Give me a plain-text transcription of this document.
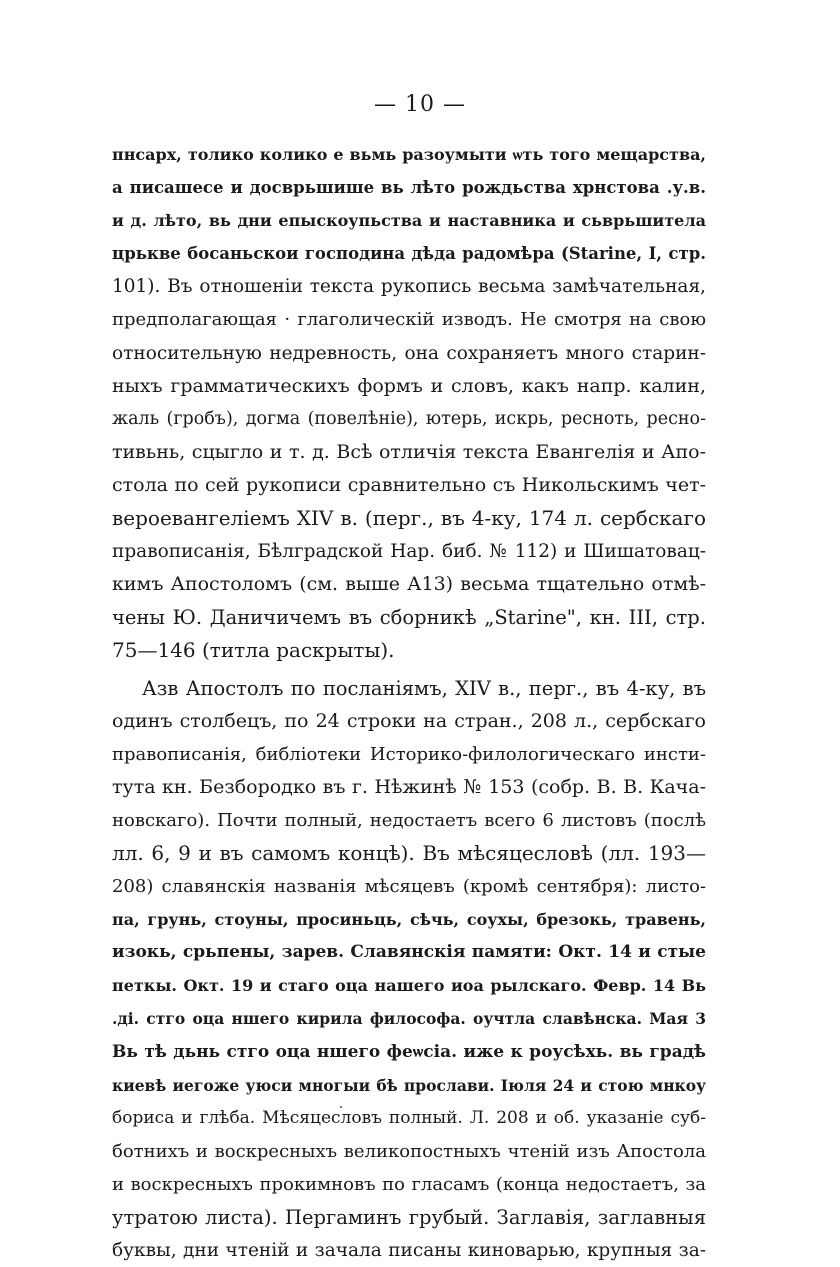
— 10 —
пнсарх, толико колико е вьмь разоумыти ѡть того мещарства,
а писашесе и досврьшише вь лѣто рождьства хрнстова .у.в.
и д. лѣто, вь дни епыскоупьства и наставника и сьврьшитела
црькве босаньскои господина дѣда радомѣра (Starine, I, стр.
101). Въ отношеніи текста рукопись весьма замѣчательная,
предполагающая · глаголическій изводъ. Не смотря на свою
относительную недревность, она сохраняетъ много старин-
ныхъ грамматическихъ формъ и словъ, какъ напр. калин,
жаль (гробъ), догма (повелѣніе), ютерь, искрь, ресноть, ресно-
тивьнь, сцыгло и т. д. Всѣ отличія текста Евангелія и Апо-
стола по сей рукописи сравнительно съ Никольскимъ чет-
вероевангеліемъ XIV в. (перг., въ 4-ку, 174 л. сербскаго
правописанія, Бѣлградской Нар. биб. № 112) и Шишатовац-
кимъ Апостоломъ (см. выше А13) весьма тщательно отмѣ-
чены Ю. Даничичемъ въ сборникѣ „Starine", кн. III, стр.
75—146 (титла раскрыты).
Азв Апостолъ по посланіямъ, XIV в., перг., въ 4-ку, въ
одинъ столбецъ, по 24 строки на стран., 208 л., сербскаго
правописанія, библіотеки Историко-филологическаго инсти-
тута кн. Безбородко въ г. Нѣжинѣ № 153 (собр. В. В. Кача-
новскаго). Почти полный, недостаетъ всего 6 листовъ (послѣ
лл. 6, 9 и въ самомъ концѣ). Въ мѣсяцесловѣ (лл. 193—
208) славянскія названія мѣсяцевъ (кромѣ сентября): листо-
па, грунь, стоуны, просиньць, сѣчь, соухы, брезокь, травень,
изокь, срьпены, зарев. Славянскія памяти: Окт. 14 и стые
петкы. Окт. 19 и стаго оца нашего иоа рылскаго. Февр. 14 Вь
.ді. стго оца ншего кирила философа. оучтла славѣнска. Мая 3
Вь тѣ дьнь стго оца ншего феѡсіа. иже к роусѣхь. вь градѣ
киевѣ иегоже уюси многыи бѣ прослави. Іюля 24 и стою мнкоу
бориса и глѣба. Мѣсяцесловъ полный. Л. 208 и об. указаніе суб-
ботнихъ и воскресныхъ великопостныхъ чтеній изъ Апостола
и воскресныхъ прокимновъ по гласамъ (конца недостаетъ, за
утратою листа). Пергаминъ грубый. Заглавія, заглавныя
буквы, дни чтеній и зачала писаны киноварью, крупныя за-
